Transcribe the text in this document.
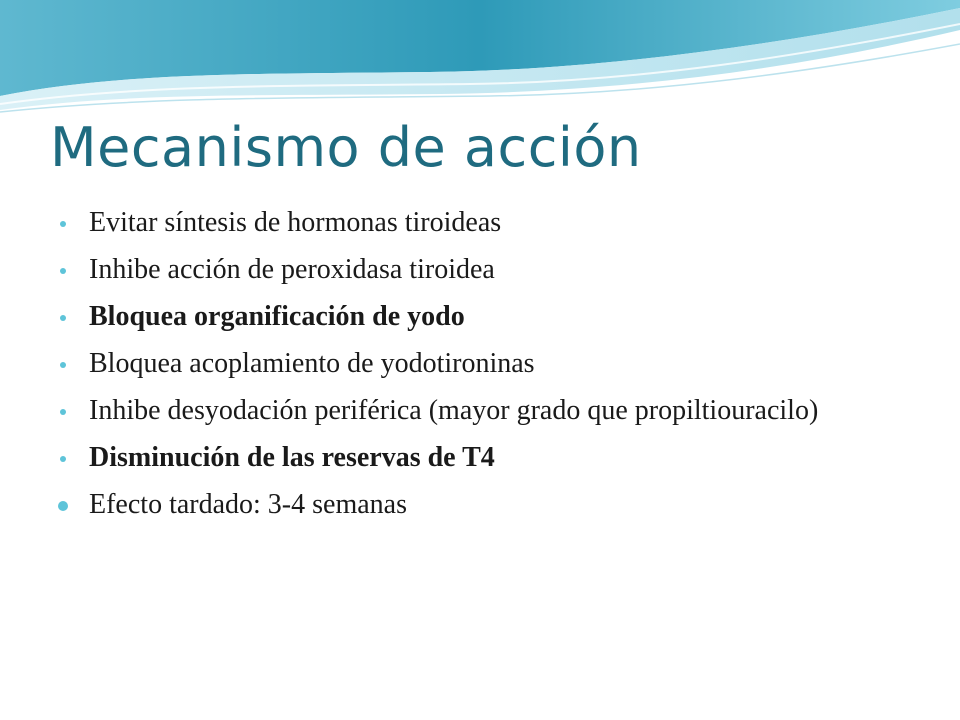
Mecanismo de acción
Evitar síntesis de hormonas tiroideas
Inhibe acción de peroxidasa tiroidea
Bloquea organificación de yodo
Bloquea acoplamiento de yodotironinas
Inhibe desyodación periférica (mayor grado que propiltiouracilo)
Disminución de las reservas de T4
Efecto tardado: 3-4 semanas
